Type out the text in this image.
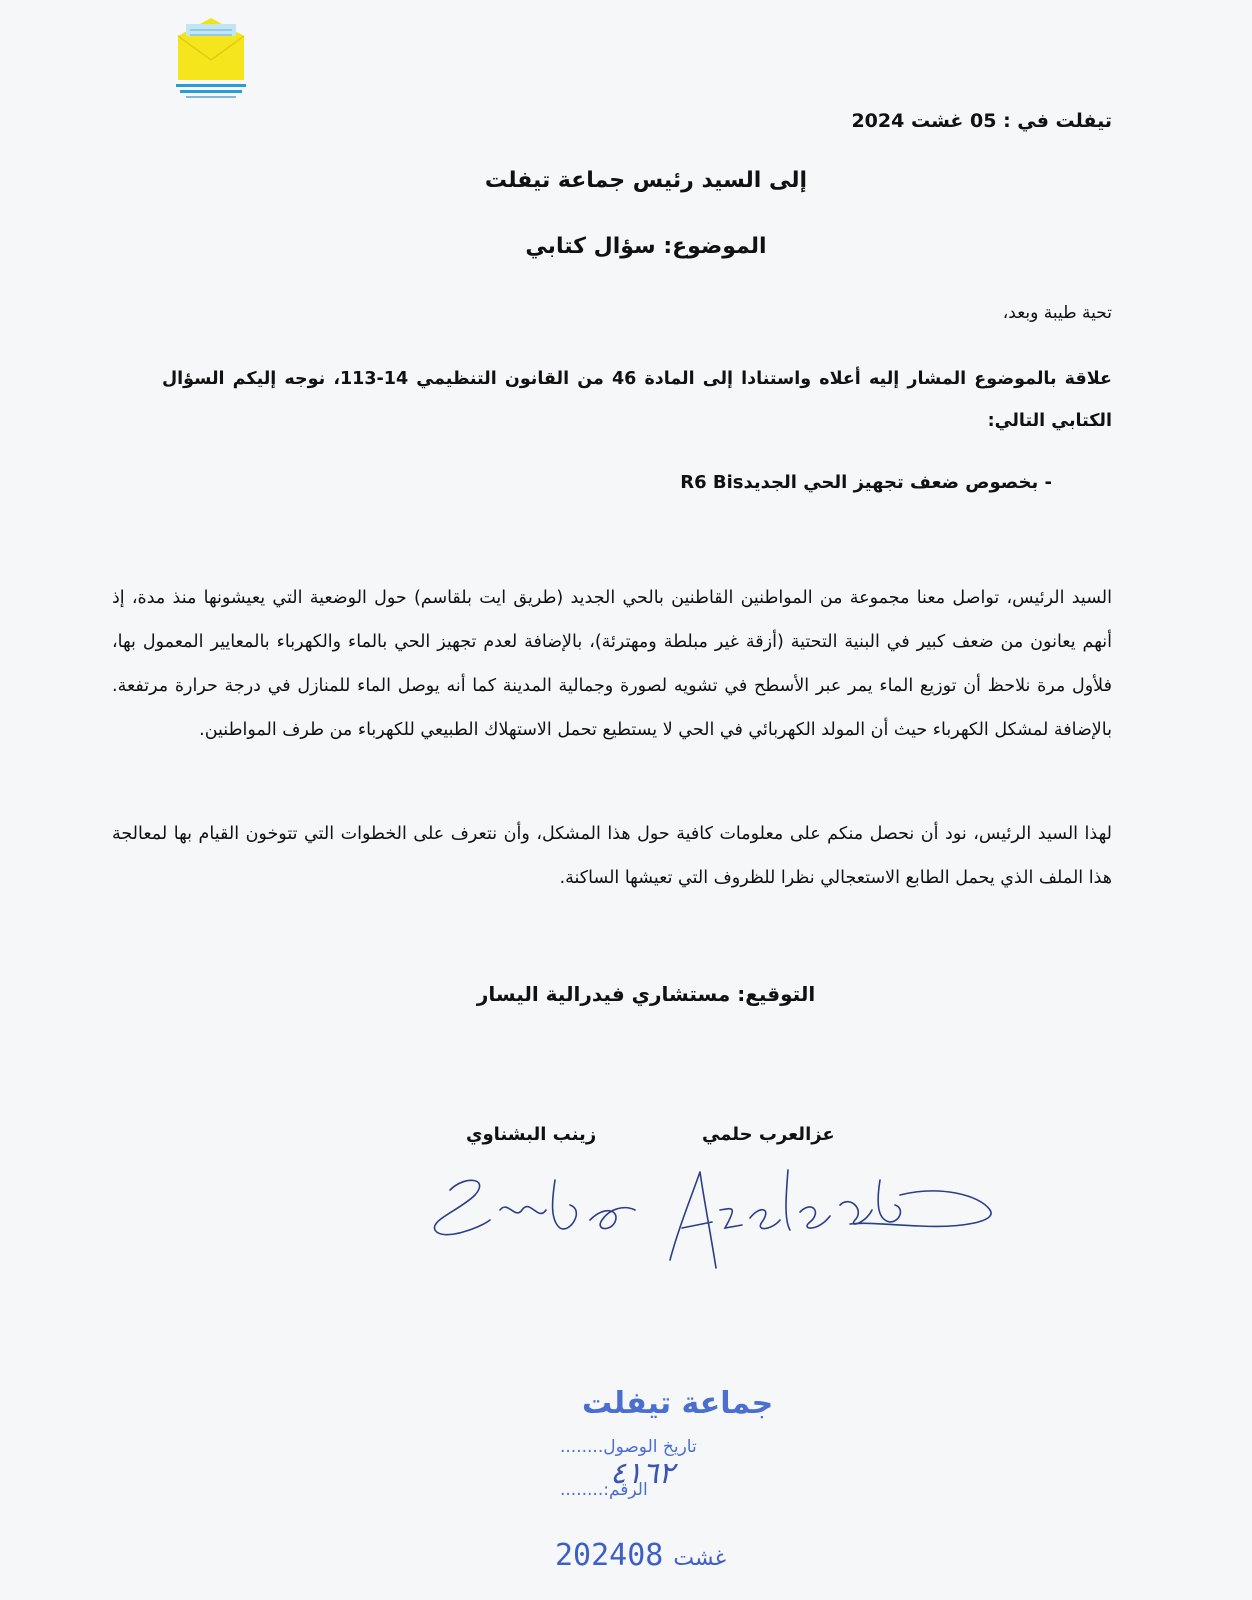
تيفلت في : 05 غشت 2024
إلى السيد رئيس جماعة تيفلت
الموضوع: سؤال كتابي
تحية طيبة وبعد،
علاقة بالموضوع المشار إليه أعلاه واستنادا إلى المادة 46 من القانون التنظيمي 14-113، نوجه إليكم السؤال الكتابي التالي:
- بخصوص ضعف تجهيز الحي الجديدR6 Bis
السيد الرئيس، تواصل معنا مجموعة من المواطنين القاطنين بالحي الجديد (طريق ايت بلقاسم) حول الوضعية التي يعيشونها منذ مدة، إذ أنهم يعانون من ضعف كبير في البنية التحتية (أزقة غير مبلطة ومهترئة)، بالإضافة لعدم تجهيز الحي بالماء والكهرباء بالمعايير المعمول بها، فلأول مرة نلاحظ أن توزيع الماء يمر عبر الأسطح في تشويه لصورة وجمالية المدينة كما أنه يوصل الماء للمنازل في درجة حرارة مرتفعة. بالإضافة لمشكل الكهرباء حيث أن المولد الكهربائي في الحي لا يستطيع تحمل الاستهلاك الطبيعي للكهرباء من طرف المواطنين.
لهذا السيد الرئيس، نود أن نحصل منكم على معلومات كافية حول هذا المشكل، وأن نتعرف على الخطوات التي تتوخون القيام بها لمعالجة هذا الملف الذي يحمل الطابع الاستعجالي نظرا للظروف التي تعيشها الساكنة.
التوقيع: مستشاري فيدرالية اليسار
عزالعرب حلمي
زينب البشناوي
جماعة تيفلت
تاريخ الوصول........
٤١٦٢
الرقم:........
2024 غشت08
